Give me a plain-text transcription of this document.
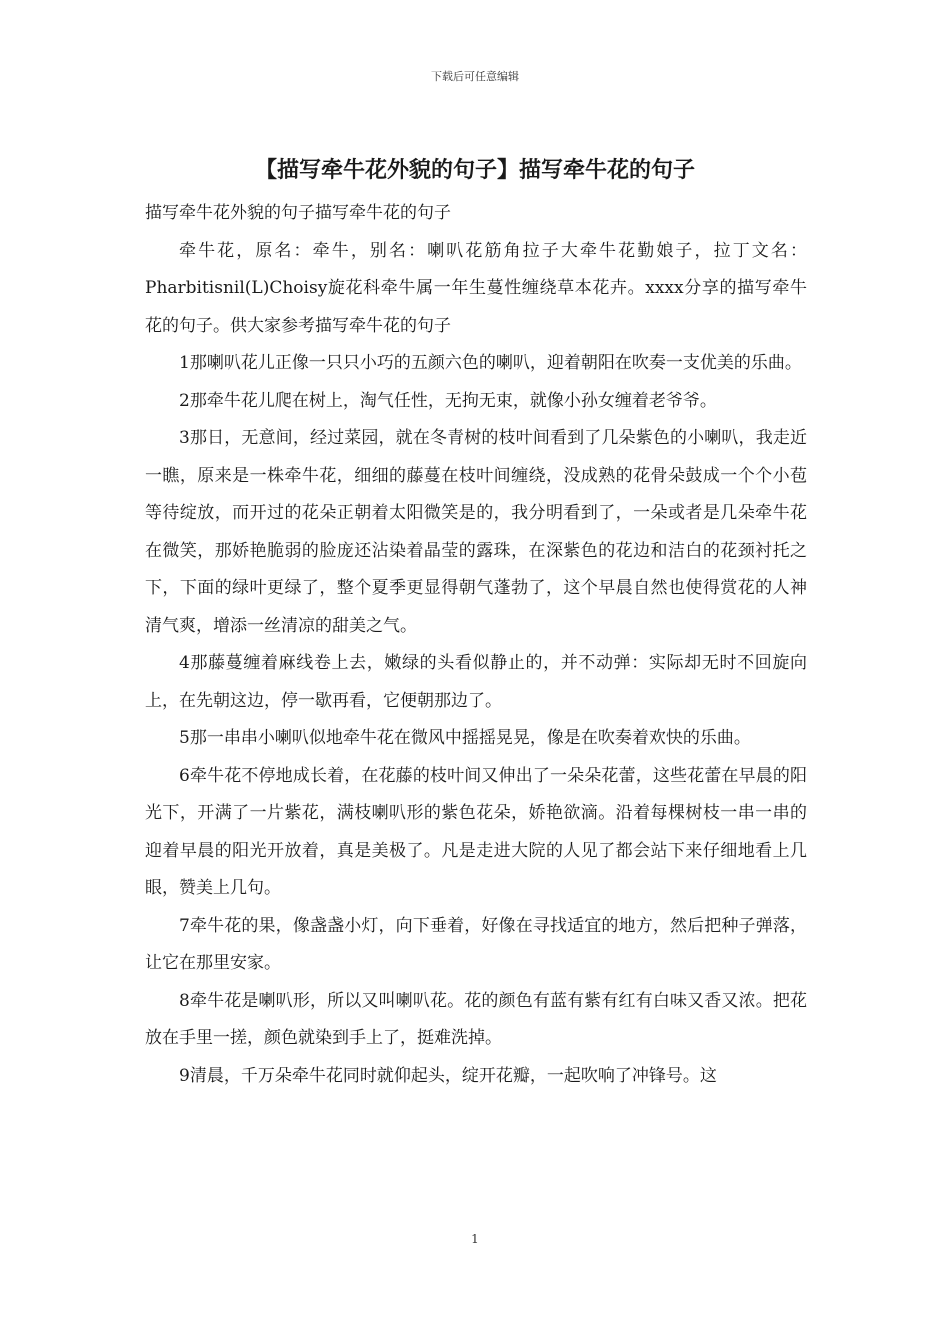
下载后可任意编辑
【描写牵牛花外貌的句子】描写牵牛花的句子

描写牵牛花外貌的句子描写牵牛花的句子

牵牛花，原名：牵牛，别名：喇叭花筋角拉子大牵牛花勤娘子，拉丁文名：Pharbitisnil(L)Choisy旋花科牵牛属一年生蔓性缠绕草本花卉。xxxx分享的描写牵牛花的句子。供大家参考描写牵牛花的句子

1那喇叭花儿正像一只只小巧的五颜六色的喇叭，迎着朝阳在吹奏一支优美的乐曲。

2那牵牛花儿爬在树上，淘气任性，无拘无束，就像小孙女缠着老爷爷。

3那日，无意间，经过菜园，就在冬青树的枝叶间看到了几朵紫色的小喇叭，我走近一瞧，原来是一株牵牛花，细细的藤蔓在枝叶间缠绕，没成熟的花骨朵鼓成一个个小苞等待绽放，而开过的花朵正朝着太阳微笑是的，我分明看到了，一朵或者是几朵牵牛花在微笑，那娇艳脆弱的脸庞还沾染着晶莹的露珠，在深紫色的花边和洁白的花颈衬托之下，下面的绿叶更绿了，整个夏季更显得朝气蓬勃了，这个早晨自然也使得赏花的人神清气爽，增添一丝清凉的甜美之气。

4那藤蔓缠着麻线卷上去，嫩绿的头看似静止的，并不动弹：实际却无时不回旋向上，在先朝这边，停一歇再看，它便朝那边了。

5那一串串小喇叭似地牵牛花在微风中摇摇晃晃，像是在吹奏着欢快的乐曲。

6牵牛花不停地成长着，在花藤的枝叶间又伸出了一朵朵花蕾，这些花蕾在早晨的阳光下，开满了一片紫花，满枝喇叭形的紫色花朵，娇艳欲滴。沿着每棵树枝一串一串的迎着早晨的阳光开放着，真是美极了。凡是走进大院的人见了都会站下来仔细地看上几眼，赞美上几句。

7牵牛花的果，像盏盏小灯，向下垂着，好像在寻找适宜的地方，然后把种子弹落，让它在那里安家。

8牵牛花是喇叭形，所以又叫喇叭花。花的颜色有蓝有紫有红有白味又香又浓。把花放在手里一搓，颜色就染到手上了，挺难洗掉。

9清晨，千万朵牵牛花同时就仰起头，绽开花瓣，一起吹响了冲锋号。这

1
